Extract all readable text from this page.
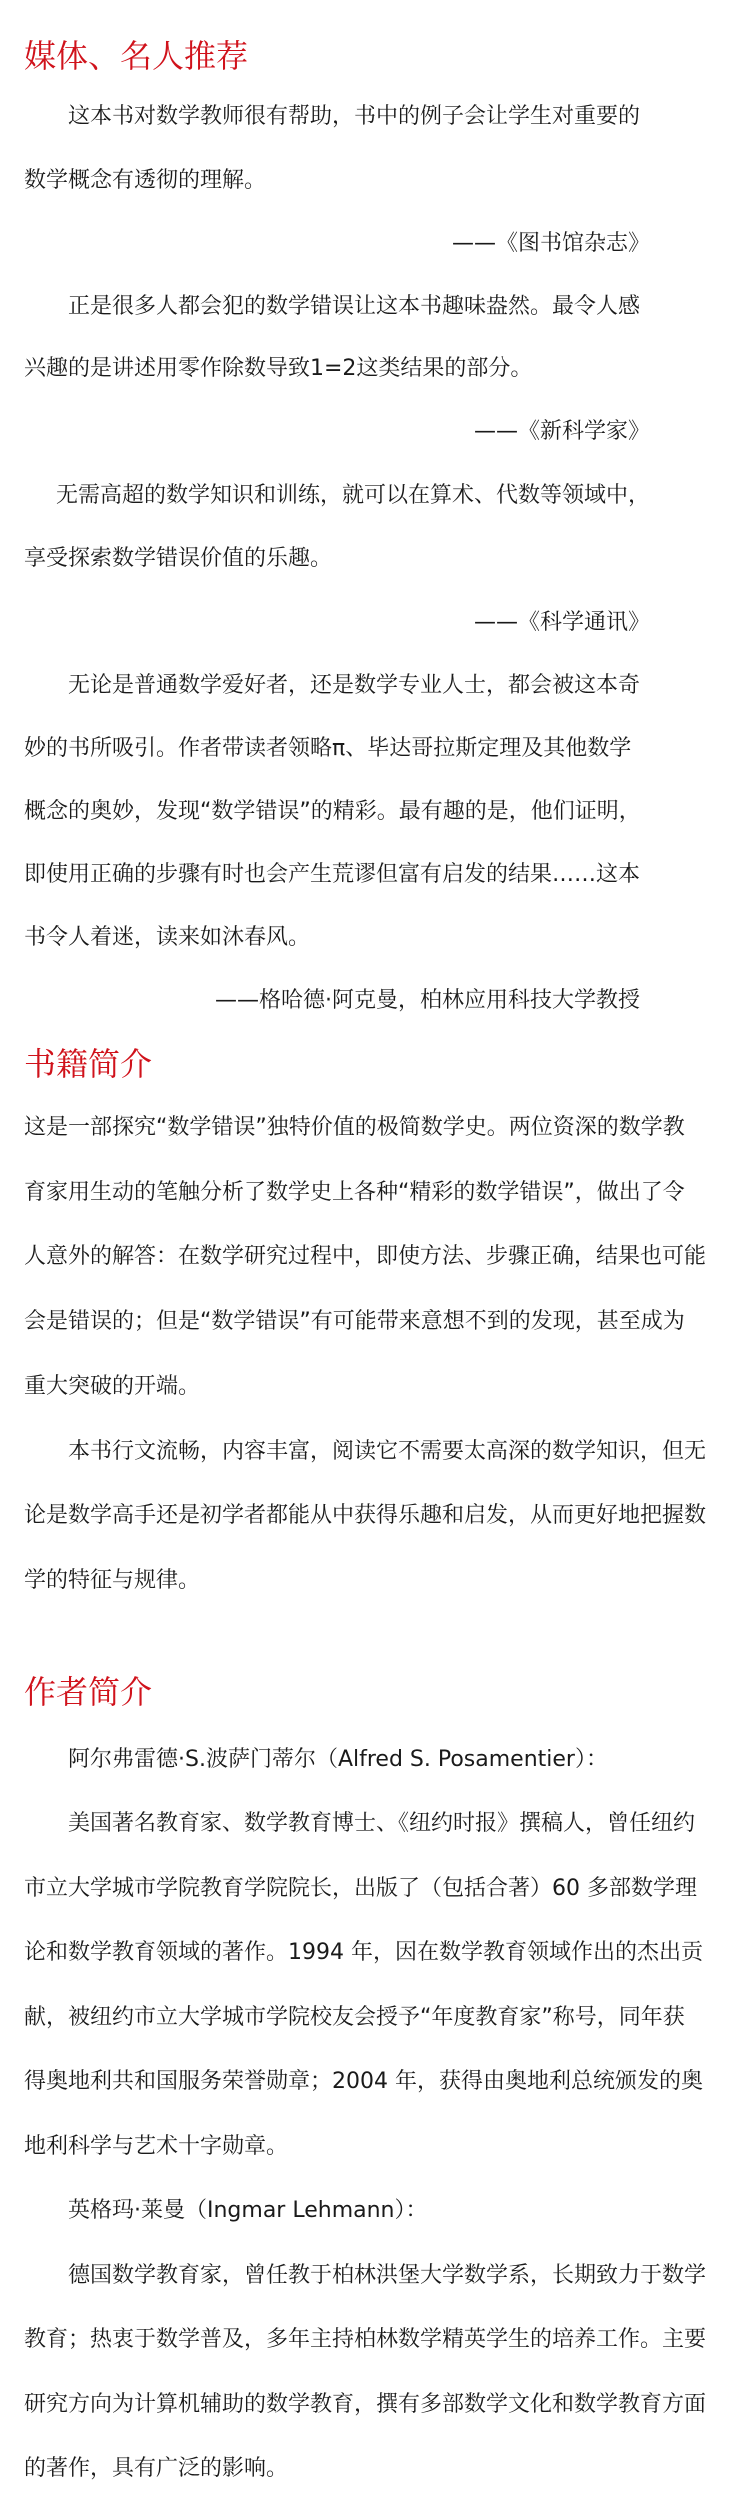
媒体、名人推荐

这本书对数学教师很有帮助，书中的例子会让学生对重要的

数学概念有透彻的理解。

——《图书馆杂志》

正是很多人都会犯的数学错误让这本书趣味盎然。最令人感

兴趣的是讲述用零作除数导致1=2这类结果的部分。

——《新科学家》

无需高超的数学知识和训练，就可以在算术、代数等领域中，

享受探索数学错误价值的乐趣。

——《科学通讯》

无论是普通数学爱好者，还是数学专业人士，都会被这本奇

妙的书所吸引。作者带读者领略π、毕达哥拉斯定理及其他数学

概念的奥妙，发现“数学错误”的精彩。最有趣的是，他们证明，

即使用正确的步骤有时也会产生荒谬但富有启发的结果……这本

书令人着迷，读来如沐春风。

——格哈德·阿克曼，柏林应用科技大学教授
书籍简介

这是一部探究“数学错误”独特价值的极简数学史。两位资深的数学教

育家用生动的笔触分析了数学史上各种“精彩的数学错误”，做出了令

人意外的解答：在数学研究过程中，即使方法、步骤正确，结果也可能

会是错误的；但是“数学错误”有可能带来意想不到的发现，甚至成为

重大突破的开端。

本书行文流畅，内容丰富，阅读它不需要太高深的数学知识，但无

论是数学高手还是初学者都能从中获得乐趣和启发，从而更好地把握数

学的特征与规律。

作者简介

阿尔弗雷德·S.波萨门蒂尔（Alfred S. Posamentier）：

美国著名教育家、数学教育博士、《纽约时报》撰稿人，曾任纽约

市立大学城市学院教育学院院长，出版了（包括合著）60 多部数学理

论和数学教育领域的著作。1994 年，因在数学教育领域作出的杰出贡

献，被纽约市立大学城市学院校友会授予“年度教育家”称号，同年获

得奥地利共和国服务荣誉勋章；2004 年，获得由奥地利总统颁发的奥

地利科学与艺术十字勋章。

英格玛·莱曼（Ingmar Lehmann）：

德国数学教育家，曾任教于柏林洪堡大学数学系，长期致力于数学

教育；热衷于数学普及，多年主持柏林数学精英学生的培养工作。主要

研究方向为计算机辅助的数学教育，撰有多部数学文化和数学教育方面

的著作，具有广泛的影响。
